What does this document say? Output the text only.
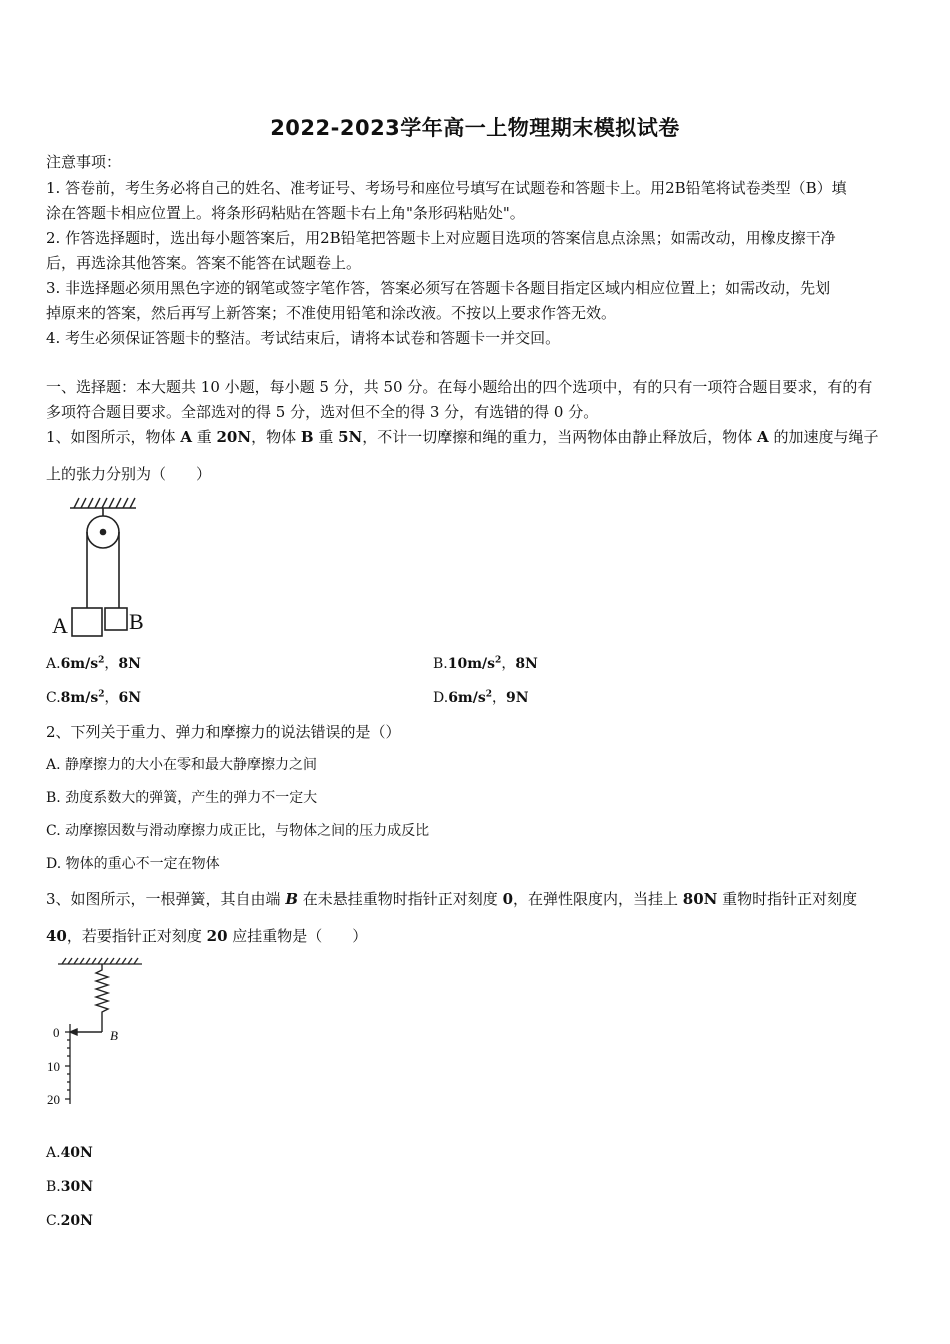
2022-2023学年高一上物理期末模拟试卷
注意事项：
1. 答卷前，考生务必将自己的姓名、准考证号、考场号和座位号填写在试题卷和答题卡上。用2B铅笔将试卷类型（B）填
涂在答题卡相应位置上。将条形码粘贴在答题卡右上角"条形码粘贴处"。
2. 作答选择题时，选出每小题答案后，用2B铅笔把答题卡上对应题目选项的答案信息点涂黑；如需改动，用橡皮擦干净
后，再选涂其他答案。答案不能答在试题卷上。
3. 非选择题必须用黑色字迹的钢笔或签字笔作答，答案必须写在答题卡各题目指定区域内相应位置上；如需改动，先划
掉原来的答案，然后再写上新答案；不准使用铅笔和涂改液。不按以上要求作答无效。
4. 考生必须保证答题卡的整洁。考试结束后，请将本试卷和答题卡一并交回。
一、选择题：本大题共 10 小题，每小题 5 分，共 50 分。在每小题给出的四个选项中，有的只有一项符合题目要求，有的有
多项符合题目要求。全部选对的得 5 分，选对但不全的得 3 分，有选错的得 0 分。
1、如图所示，物体 A 重 20N，物体 B 重 5N，不计一切摩擦和绳的重力，当两物体由静止释放后，物体 A 的加速度与绳子
上的张力分别为（　　）
A	B
$A.6m/s^2$，8N	$B.10m/s^2$，8N
$C.8m/s^2$，6N	$D.6m/s^2$，9N
2、下列关于重力、弹力和摩擦力的说法错误的是（）
A. 静摩擦力的大小在零和最大静摩擦力之间
B. 劲度系数大的弹簧，产生的弹力不一定大
C. 动摩擦因数与滑动摩擦力成正比，与物体之间的压力成反比
D. 物体的重心不一定在物体
3、如图所示，一根弹簧，其自由端 B 在未悬挂重物时指针正对刻度 0，在弹性限度内，当挂上 80N 重物时指针正对刻度
40，若要指针正对刻度 20 应挂重物是（　　）
0
10
20
B
A.40N
B.30N
C.20N
